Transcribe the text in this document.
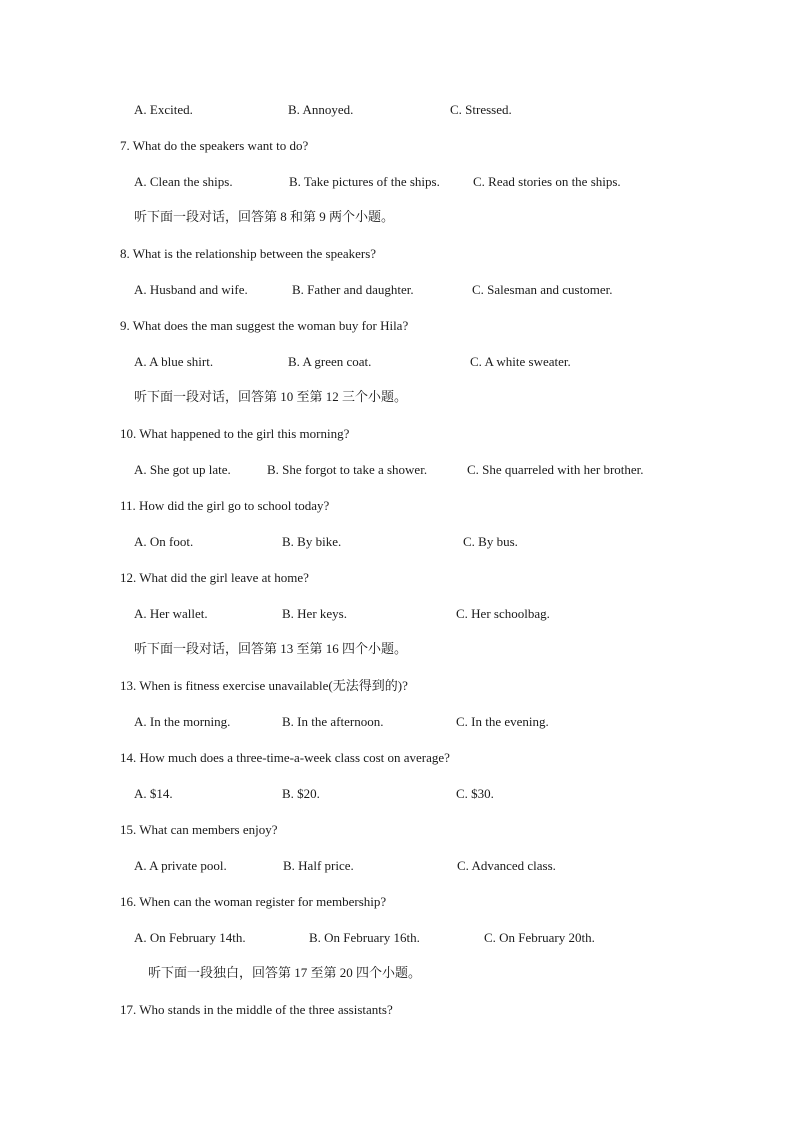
A. Excited.	B. Annoyed.	C. Stressed.
7. What do the speakers want to do?
A. Clean the ships.	B. Take pictures of the ships.	C. Read stories on the ships.
听下面一段对话，回答第 8 和第 9 两个小题。
8. What is the relationship between the speakers?
A. Husband and wife.	B. Father and daughter.	C. Salesman and customer.
9. What does the man suggest the woman buy for Hila?
A. A blue shirt.	B. A green coat.	C. A white sweater.
听下面一段对话，回答第 10 至第 12 三个小题。
10. What happened to the girl this morning?
A. She got up late.	B. She forgot to take a shower.	C. She quarreled with her brother.
11. How did the girl go to school today?
A. On foot.	B. By bike.	C. By bus.
12. What did the girl leave at home?
A. Her wallet.	B. Her keys.	C. Her schoolbag.
听下面一段对话，回答第 13 至第 16 四个小题。
13. When is fitness exercise unavailable(无法得到的)?
A. In the morning.	B. In the afternoon.	C. In the evening.
14. How much does a three-time-a-week class cost on average?
A. $14.	B. $20.	C. $30.
15. What can members enjoy?
A. A private pool.	B. Half price.	C. Advanced class.
16. When can the woman register for membership?
A. On February 14th.	B. On February 16th.	C. On February 20th.
听下面一段独白，回答第 17 至第 20 四个小题。
17. Who stands in the middle of the three assistants?
